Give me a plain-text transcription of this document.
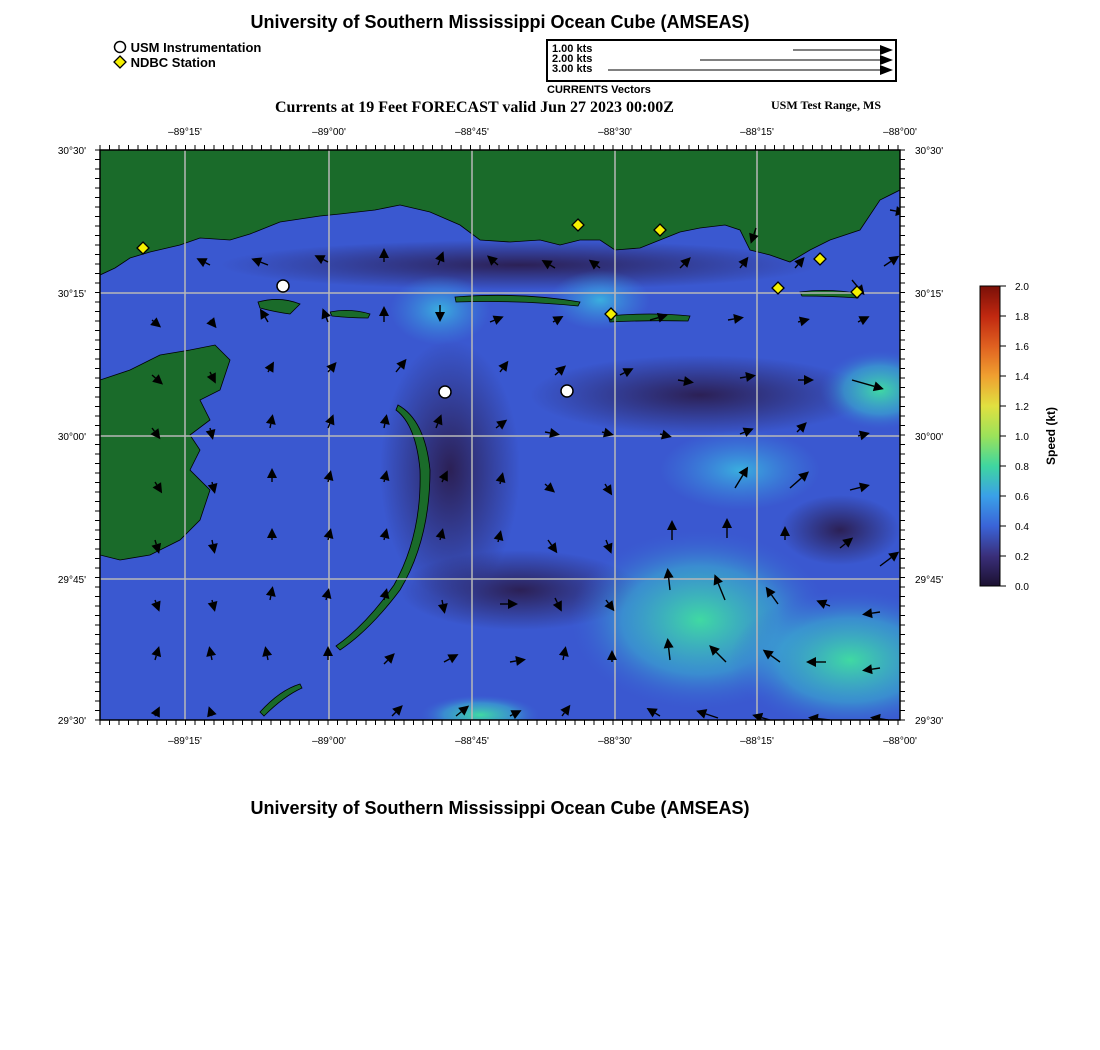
University of Southern Mississippi Ocean Cube (AMSEAS)
USM Instrumentation
NDBC Station
1.00 kts
2.00 kts
3.00 kts
CURRENTS Vectors
Currents at 19 Feet FORECAST valid Jun 27 2023 00:00Z	USM Test Range, MS
–89°15'	–89°00'	–88°45'	–88°30'	–88°15'	–88°00'
–89°15'	–89°00'	–88°45'	–88°30'	–88°15'	–88°00'
30°30'
30°15'
30°00'
29°45'
29°30'
30°30'
30°15'
30°00'
29°45'
29°30'
2.0
1.8
1.6
1.4
1.2
1.0
0.8
0.6
0.4
0.2
0.0
Speed (kt)
University of Southern Mississippi Ocean Cube (AMSEAS)
